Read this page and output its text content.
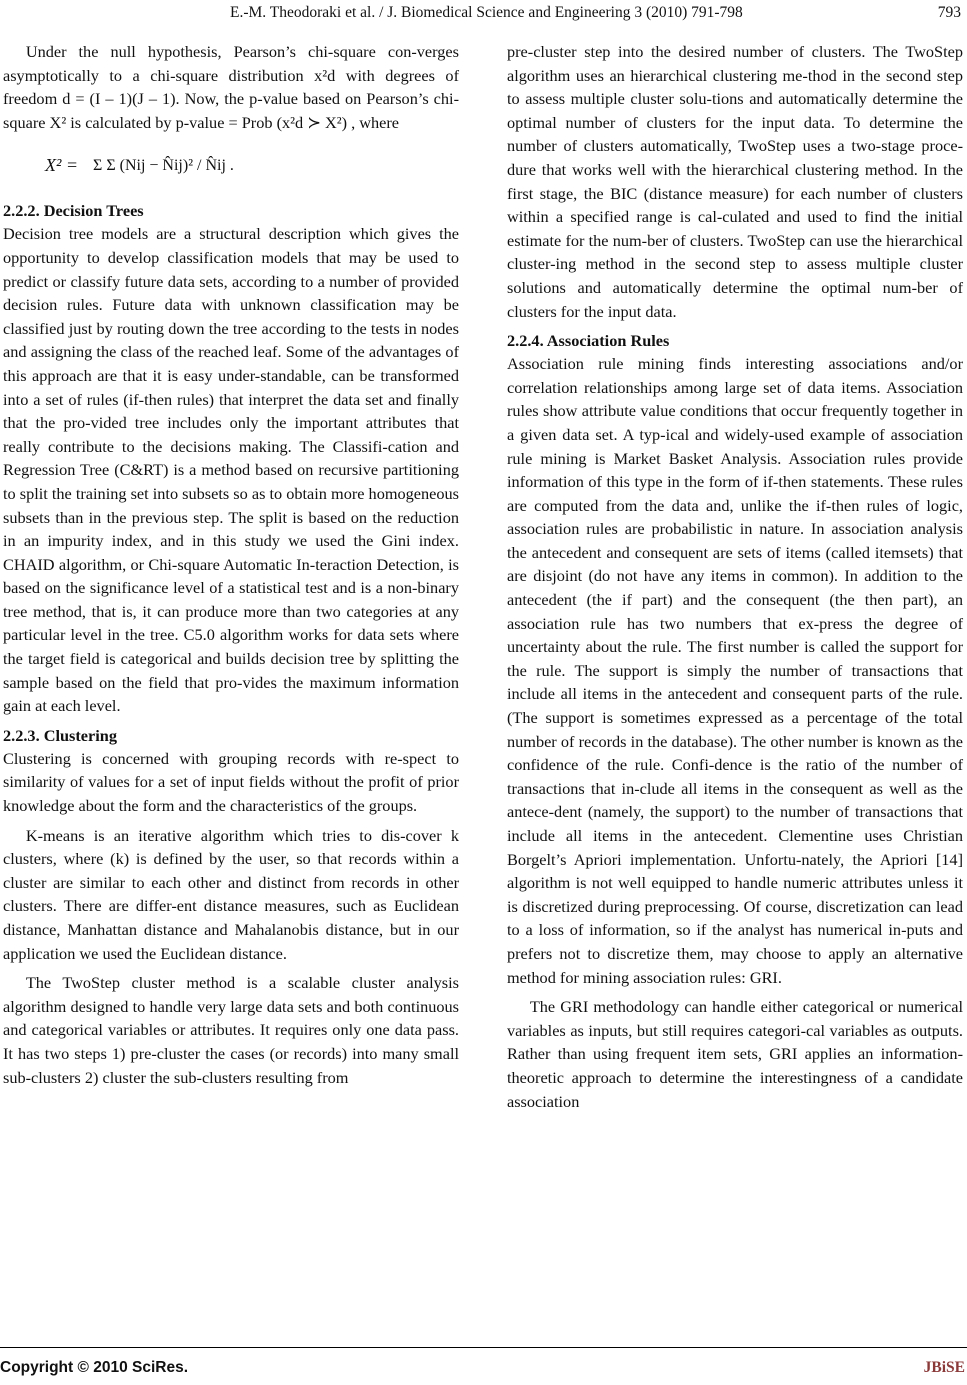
E.-M. Theodoraki et al. / J. Biomedical Science and Engineering 3 (2010) 791-798	793

Under the null hypothesis, Pearson’s chi-square con-verges asymptotically to a chi-square distribution x²d with degrees of freedom d = (I – 1)(J – 1). Now, the p-value based on Pearson’s chi-square X² is calculated by p-value = Prob (x²d ≻ X²) , where

X² = Σ Σ (Nij − N̂ij)² / N̂ij .

2.2.2. Decision Trees

Decision tree models are a structural description which gives the opportunity to develop classification models that may be used to predict or classify future data sets, according to a number of provided decision rules. Future data with unknown classification may be classified just by routing down the tree according to the tests in nodes and assigning the class of the reached leaf. Some of the advantages of this approach are that it is easy under-standable, can be transformed into a set of rules (if-then rules) that interpret the data set and finally that the pro-vided tree includes only the important attributes that really contribute to the decisions making. The Classifi-cation and Regression Tree (C&RT) is a method based on recursive partitioning to split the training set into subsets so as to obtain more homogeneous subsets than in the previous step. The split is based on the reduction in an impurity index, and in this study we used the Gini index. CHAID algorithm, or Chi-square Automatic In-teraction Detection, is based on the significance level of a statistical test and is a non-binary tree method, that is, it can produce more than two categories at any particular level in the tree. C5.0 algorithm works for data sets where the target field is categorical and builds decision tree by splitting the sample based on the field that pro-vides the maximum information gain at each level.

2.2.3. Clustering

Clustering is concerned with grouping records with re-spect to similarity of values for a set of input fields without the profit of prior knowledge about the form and the characteristics of the groups.

K-means is an iterative algorithm which tries to dis-cover k clusters, where (k) is defined by the user, so that records within a cluster are similar to each other and distinct from records in other clusters. There are differ-ent distance measures, such as Euclidean distance, Manhattan distance and Mahalanobis distance, but in our application we used the Euclidean distance.

The TwoStep cluster method is a scalable cluster analysis algorithm designed to handle very large data sets and both continuous and categorical variables or attributes. It requires only one data pass. It has two steps 1) pre-cluster the cases (or records) into many small sub-clusters 2) cluster the sub-clusters resulting from

pre-cluster step into the desired number of clusters. The TwoStep algorithm uses an hierarchical clustering me-thod in the second step to assess multiple cluster solu-tions and automatically determine the optimal number of clusters for the input data. To determine the number of clusters automatically, TwoStep uses a two-stage proce-dure that works well with the hierarchical clustering method. In the first stage, the BIC (distance measure) for each number of clusters within a specified range is cal-culated and used to find the initial estimate for the num-ber of clusters. TwoStep can use the hierarchical cluster-ing method in the second step to assess multiple cluster solutions and automatically determine the optimal num-ber of clusters for the input data.

2.2.4. Association Rules

Association rule mining finds interesting associations and/or correlation relationships among large set of data items. Association rules show attribute value conditions that occur frequently together in a given data set. A typ-ical and widely-used example of association rule mining is Market Basket Analysis. Association rules provide information of this type in the form of if-then statements. These rules are computed from the data and, unlike the if-then rules of logic, association rules are probabilistic in nature. In association analysis the antecedent and consequent are sets of items (called itemsets) that are disjoint (do not have any items in common). In addition to the antecedent (the if part) and the consequent (the then part), an association rule has two numbers that ex-press the degree of uncertainty about the rule. The first number is called the support for the rule. The support is simply the number of transactions that include all items in the antecedent and consequent parts of the rule. (The support is sometimes expressed as a percentage of the total number of records in the database). The other number is known as the confidence of the rule. Confi-dence is the ratio of the number of transactions that in-clude all items in the consequent as well as the antece-dent (namely, the support) to the number of transactions that include all items in the antecedent. Clementine uses Christian Borgelt’s Apriori implementation. Unfortu-nately, the Apriori [14] algorithm is not well equipped to handle numeric attributes unless it is discretized during preprocessing. Of course, discretization can lead to a loss of information, so if the analyst has numerical in-puts and prefers not to discretize them, may choose to apply an alternative method for mining association rules: GRI.

The GRI methodology can handle either categorical or numerical variables as inputs, but still requires categori-cal variables as outputs. Rather than using frequent item sets, GRI applies an information-theoretic approach to determine the interestingness of a candidate association

Copyright © 2010 SciRes.	JBiSE
